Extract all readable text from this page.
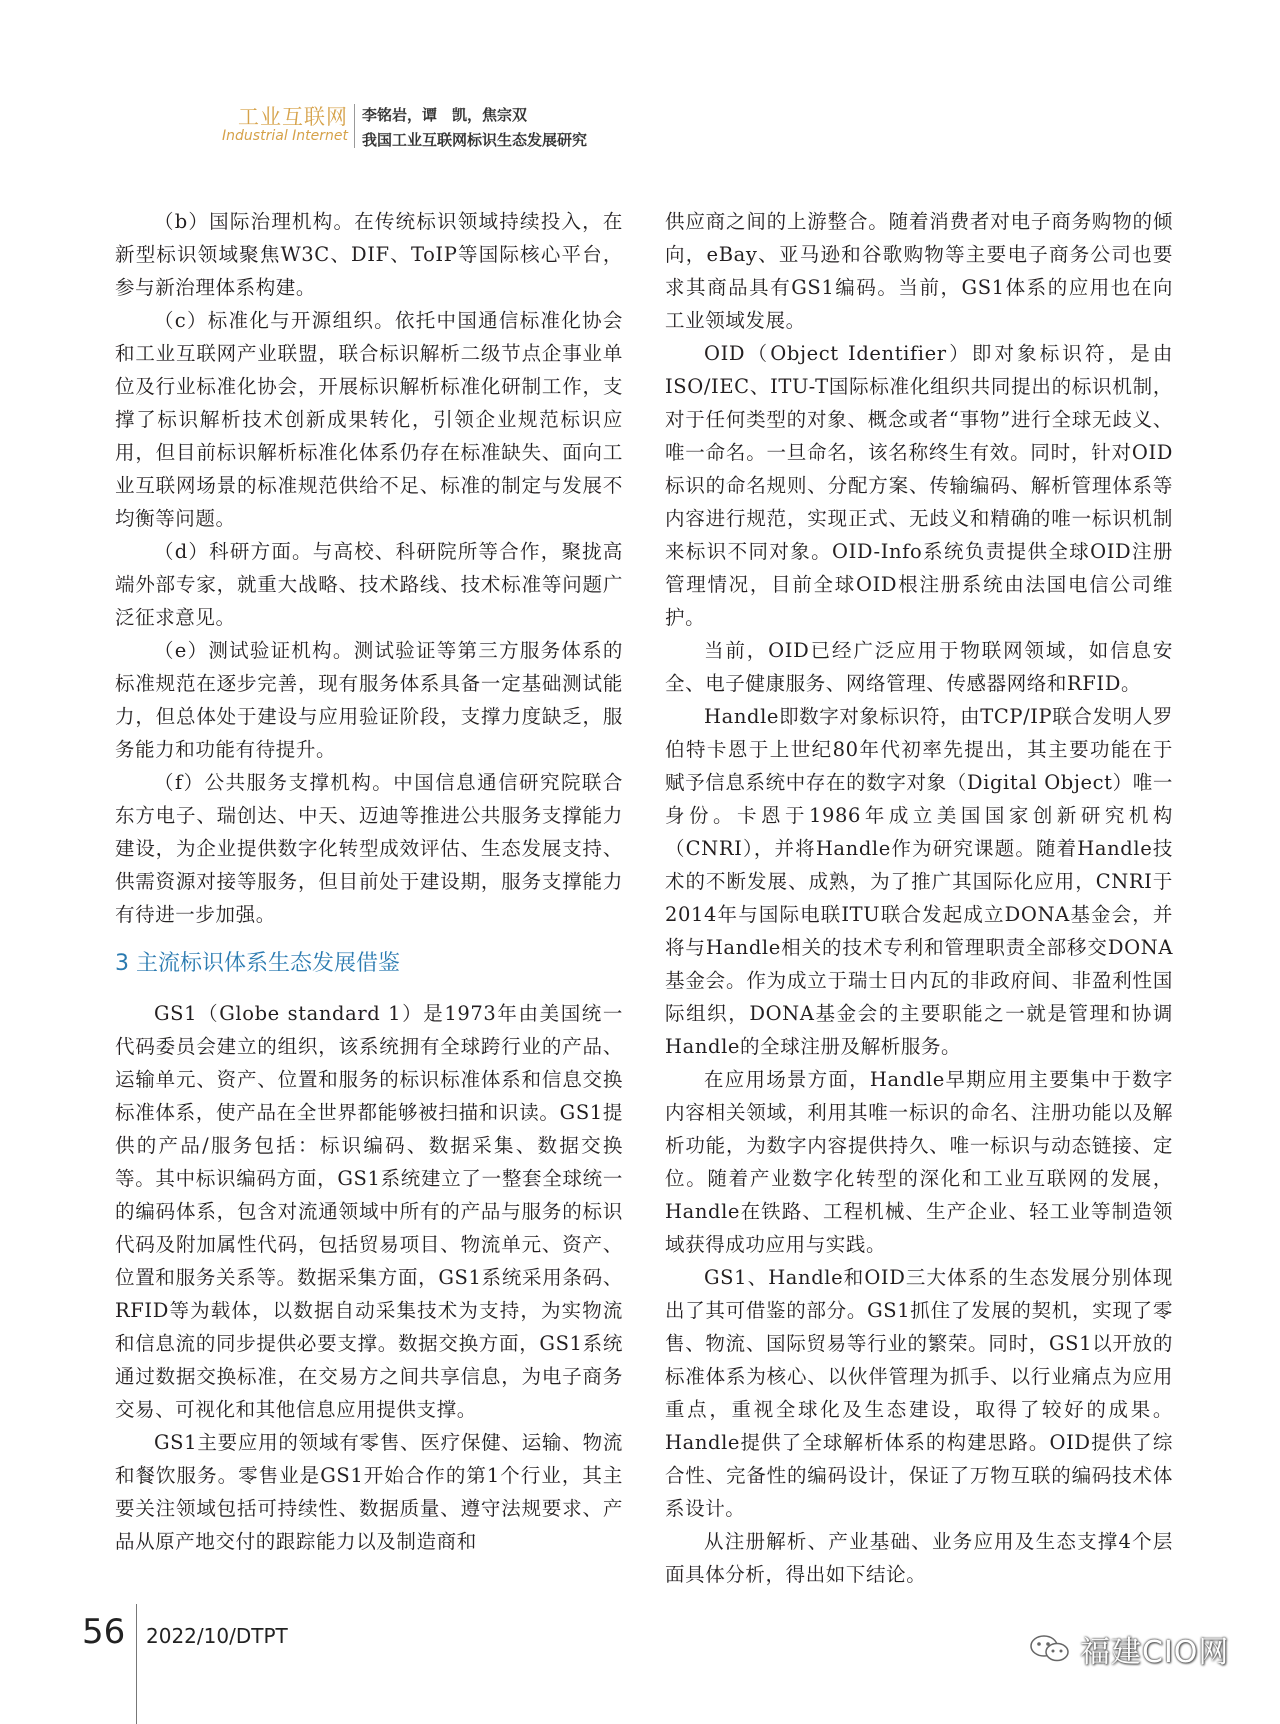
工业互联网
Industrial Internet
李铭岩，谭　凯，焦宗双
我国工业互联网标识生态发展研究

（b）国际治理机构。在传统标识领域持续投入，在新型标识领域聚焦W3C、DIF、ToIP等国际核心平台，参与新治理体系构建。

（c）标准化与开源组织。依托中国通信标准化协会和工业互联网产业联盟，联合标识解析二级节点企事业单位及行业标准化协会，开展标识解析标准化研制工作，支撑了标识解析技术创新成果转化，引领企业规范标识应用，但目前标识解析标准化体系仍存在标准缺失、面向工业互联网场景的标准规范供给不足、标准的制定与发展不均衡等问题。

（d）科研方面。与高校、科研院所等合作，聚拢高端外部专家，就重大战略、技术路线、技术标准等问题广泛征求意见。

（e）测试验证机构。测试验证等第三方服务体系的标准规范在逐步完善，现有服务体系具备一定基础测试能力，但总体处于建设与应用验证阶段，支撑力度缺乏，服务能力和功能有待提升。

（f）公共服务支撑机构。中国信息通信研究院联合东方电子、瑞创达、中天、迈迪等推进公共服务支撑能力建设，为企业提供数字化转型成效评估、生态发展支持、供需资源对接等服务，但目前处于建设期，服务支撑能力有待进一步加强。

3 主流标识体系生态发展借鉴

GS1（Globe standard 1）是1973年由美国统一代码委员会建立的组织，该系统拥有全球跨行业的产品、运输单元、资产、位置和服务的标识标准体系和信息交换标准体系，使产品在全世界都能够被扫描和识读。GS1提供的产品/服务包括：标识编码、数据采集、数据交换等。其中标识编码方面，GS1系统建立了一整套全球统一的编码体系，包含对流通领域中所有的产品与服务的标识代码及附加属性代码，包括贸易项目、物流单元、资产、位置和服务关系等。数据采集方面，GS1系统采用条码、RFID等为载体，以数据自动采集技术为支持，为实物流和信息流的同步提供必要支撑。数据交换方面，GS1系统通过数据交换标准，在交易方之间共享信息，为电子商务交易、可视化和其他信息应用提供支撑。

GS1主要应用的领域有零售、医疗保健、运输、物流和餐饮服务。零售业是GS1开始合作的第1个行业，其主要关注领域包括可持续性、数据质量、遵守法规要求、产品从原产地交付的跟踪能力以及制造商和

供应商之间的上游整合。随着消费者对电子商务购物的倾向，eBay、亚马逊和谷歌购物等主要电子商务公司也要求其商品具有GS1编码。当前，GS1体系的应用也在向工业领域发展。

OID（Object Identifier）即对象标识符，是由ISO/IEC、ITU-T国际标准化组织共同提出的标识机制，对于任何类型的对象、概念或者“事物”进行全球无歧义、唯一命名。一旦命名，该名称终生有效。同时，针对OID标识的命名规则、分配方案、传输编码、解析管理体系等内容进行规范，实现正式、无歧义和精确的唯一标识机制来标识不同对象。OID-Info系统负责提供全球OID注册管理情况，目前全球OID根注册系统由法国电信公司维护。

当前，OID已经广泛应用于物联网领域，如信息安全、电子健康服务、网络管理、传感器网络和RFID。

Handle即数字对象标识符，由TCP/IP联合发明人罗伯特卡恩于上世纪80年代初率先提出，其主要功能在于赋予信息系统中存在的数字对象（Digital Object）唯一身份。卡恩于1986年成立美国国家创新研究机构（CNRI），并将Handle作为研究课题。随着Handle技术的不断发展、成熟，为了推广其国际化应用，CNRI于2014年与国际电联ITU联合发起成立DONA基金会，并将与Handle相关的技术专利和管理职责全部移交DONA基金会。作为成立于瑞士日内瓦的非政府间、非盈利性国际组织，DONA基金会的主要职能之一就是管理和协调Handle的全球注册及解析服务。

在应用场景方面，Handle早期应用主要集中于数字内容相关领域，利用其唯一标识的命名、注册功能以及解析功能，为数字内容提供持久、唯一标识与动态链接、定位。随着产业数字化转型的深化和工业互联网的发展，Handle在铁路、工程机械、生产企业、轻工业等制造领域获得成功应用与实践。

GS1、Handle和OID三大体系的生态发展分别体现出了其可借鉴的部分。GS1抓住了发展的契机，实现了零售、物流、国际贸易等行业的繁荣。同时，GS1以开放的标准体系为核心、以伙伴管理为抓手、以行业痛点为应用重点，重视全球化及生态建设，取得了较好的成果。Handle提供了全球解析体系的构建思路。OID提供了综合性、完备性的编码设计，保证了万物互联的编码技术体系设计。

从注册解析、产业基础、业务应用及生态支撑4个层面具体分析，得出如下结论。

56 2022/10/DTPT	福建CIO网
